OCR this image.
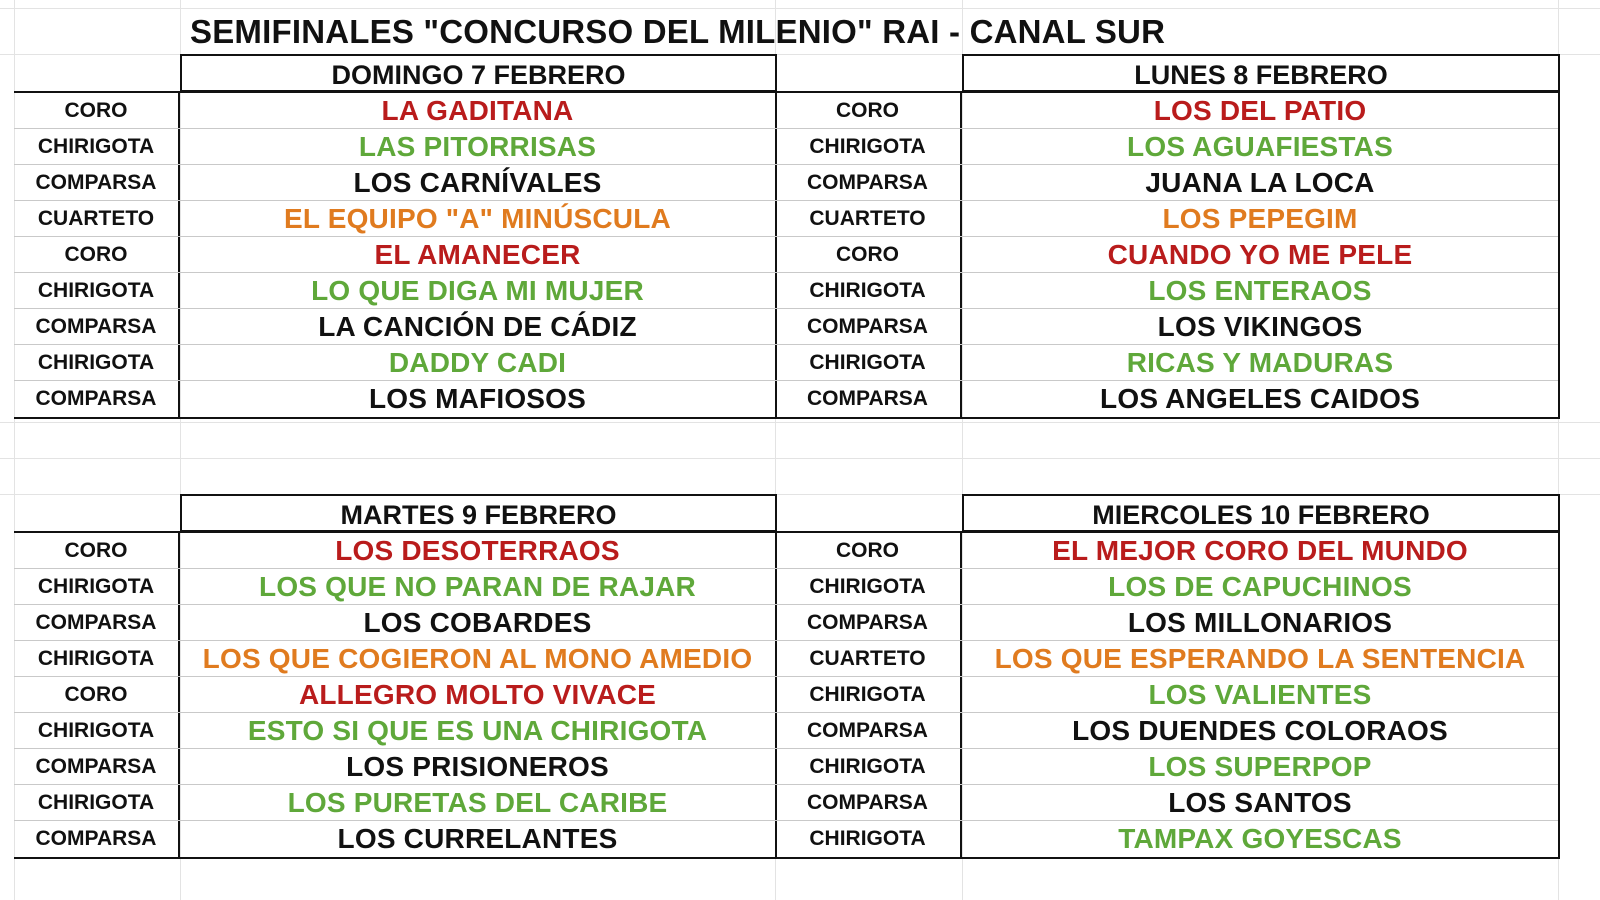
SEMIFINALES "CONCURSO DEL MILENIO" RAI - CANAL SUR
DOMINGO 7 FEBRERO
CORO	LA GADITANA
CHIRIGOTA	LAS PITORRISAS
COMPARSA	LOS CARNÍVALES
CUARTETO	EL EQUIPO "A" MINÚSCULA
CORO	EL AMANECER
CHIRIGOTA	LO QUE DIGA MI MUJER
COMPARSA	LA CANCIÓN DE CÁDIZ
CHIRIGOTA	DADDY CADI
COMPARSA	LOS MAFIOSOS
LUNES 8 FEBRERO
CORO	LOS DEL PATIO
CHIRIGOTA	LOS AGUAFIESTAS
COMPARSA	JUANA LA LOCA
CUARTETO	LOS PEPEGIM
CORO	CUANDO YO ME PELE
CHIRIGOTA	LOS ENTERAOS
COMPARSA	LOS VIKINGOS
CHIRIGOTA	RICAS Y MADURAS
COMPARSA	LOS ANGELES CAIDOS
MARTES 9 FEBRERO
CORO	LOS DESOTERRAOS
CHIRIGOTA	LOS QUE NO PARAN DE RAJAR
COMPARSA	LOS COBARDES
CHIRIGOTA	LOS QUE COGIERON AL MONO AMEDIO
CORO	ALLEGRO MOLTO VIVACE
CHIRIGOTA	ESTO SI QUE ES UNA CHIRIGOTA
COMPARSA	LOS PRISIONEROS
CHIRIGOTA	LOS PURETAS DEL CARIBE
COMPARSA	LOS CURRELANTES
MIERCOLES 10 FEBRERO
CORO	EL MEJOR CORO DEL MUNDO
CHIRIGOTA	LOS DE CAPUCHINOS
COMPARSA	LOS MILLONARIOS
CUARTETO	LOS QUE ESPERANDO LA SENTENCIA
CHIRIGOTA	LOS VALIENTES
COMPARSA	LOS DUENDES COLORAOS
CHIRIGOTA	LOS SUPERPOP
COMPARSA	LOS SANTOS
CHIRIGOTA	TAMPAX GOYESCAS
